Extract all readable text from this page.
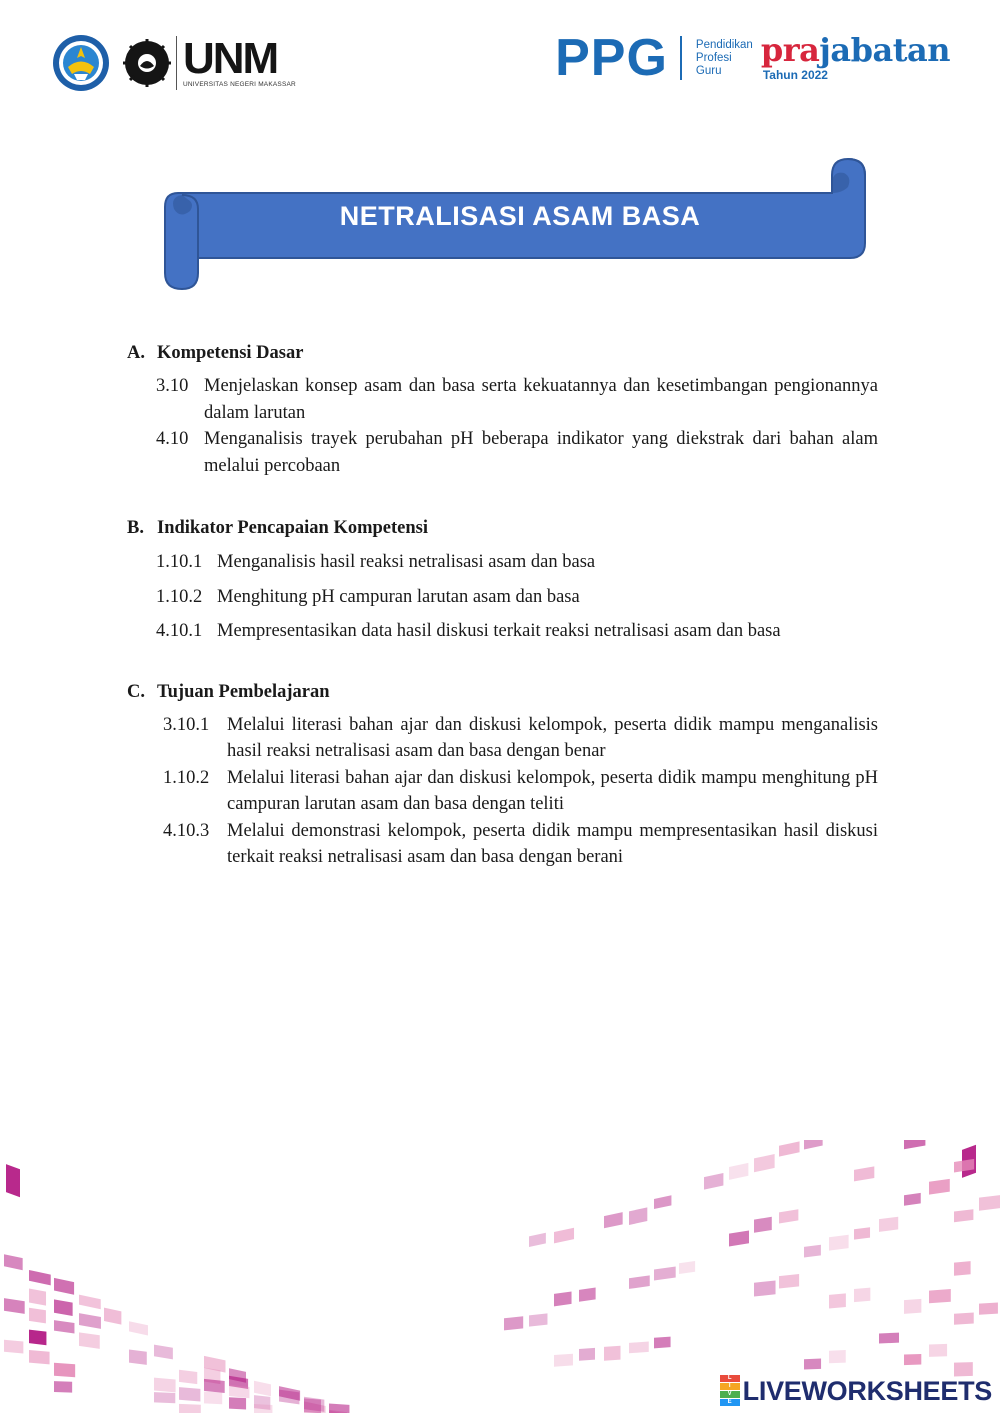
UNM
UNIVERSITAS NEGERI MAKASSAR	PPG Pendidikan
Profesi
Guru
prajabatan
Tahun 2022
NETRALISASI ASAM BASA
A. Kompetensi Dasar
3.10 Menjelaskan konsep asam dan basa serta kekuatannya dan kesetimbangan pengionannya dalam larutan
4.10 Menganalisis trayek perubahan pH beberapa indikator yang diekstrak dari bahan alam melalui percobaan
B. Indikator Pencapaian Kompetensi
1.10.1 Menganalisis hasil reaksi netralisasi asam dan basa
1.10.2 Menghitung pH campuran larutan asam dan basa
4.10.1 Mempresentasikan data hasil diskusi terkait reaksi netralisasi asam dan basa
C. Tujuan Pembelajaran
3.10.1 Melalui literasi bahan ajar dan diskusi kelompok, peserta didik mampu menganalisis hasil reaksi netralisasi asam dan basa dengan benar
1.10.2 Melalui literasi bahan ajar dan diskusi kelompok, peserta didik mampu menghitung pH campuran larutan asam dan basa dengan teliti
4.10.3 Melalui demonstrasi kelompok, peserta didik mampu mempresentasikan hasil diskusi terkait reaksi netralisasi asam dan basa dengan berani
L
I
V
E LIVEWORKSHEETS
